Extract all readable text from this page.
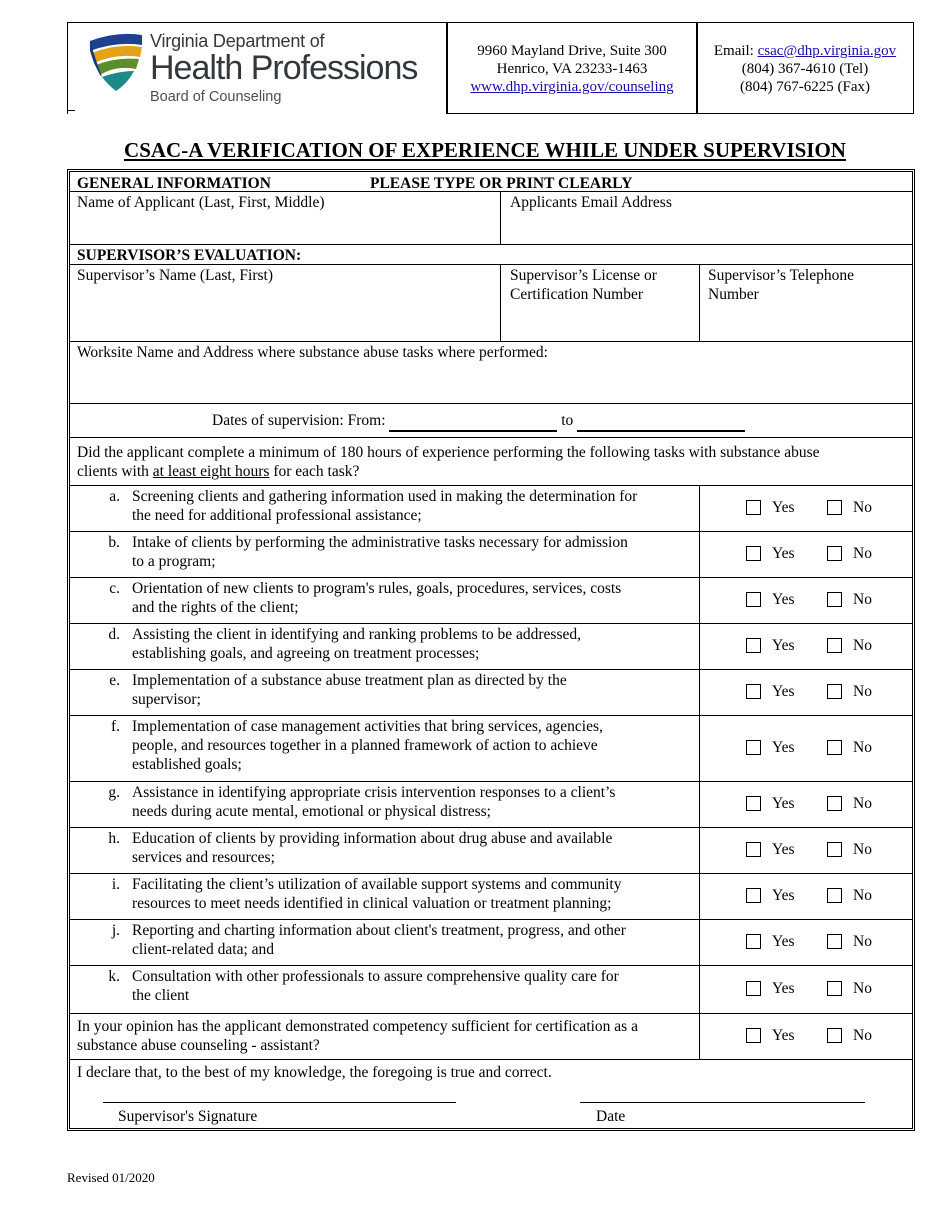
Virginia Department of
Health Professions
Board of Counseling
9960 Mayland Drive, Suite 300
Henrico, VA 23233-1463
www.dhp.virginia.gov/counseling
Email: csac@dhp.virginia.gov
(804) 367-4610 (Tel)
(804) 767-6225 (Fax)
CSAC-A VERIFICATION OF EXPERIENCE WHILE UNDER SUPERVISION
GENERAL INFORMATION	PLEASE TYPE OR PRINT CLEARLY
Name of Applicant (Last, First, Middle)	Applicants Email Address
SUPERVISOR’S EVALUATION:
Supervisor’s Name (Last, First)	Supervisor’s License or
Certification Number
Supervisor’s Telephone
Number
Worksite Name and Address where substance abuse tasks where performed:
Dates of supervision: From:	to
Did the applicant complete a minimum of 180 hours of experience performing the following tasks with substance abuse
clients with at least eight hours for each task?
a. Screening clients and gathering information used in making the determination for
the need for additional professional assistance;	Yes	No
b. Intake of clients by performing the administrative tasks necessary for admission
to a program;	Yes	No
c. Orientation of new clients to program's rules, goals, procedures, services, costs
and the rights of the client;	Yes	No
d. Assisting the client in identifying and ranking problems to be addressed,
establishing goals, and agreeing on treatment processes;	Yes	No
e. Implementation of a substance abuse treatment plan as directed by the
supervisor;	Yes	No
f. Implementation of case management activities that bring services, agencies,
people, and resources together in a planned framework of action to achieve
established goals;
Yes	No
g. Assistance in identifying appropriate crisis intervention responses to a client’s
needs during acute mental, emotional or physical distress;	Yes	No
h. Education of clients by providing information about drug abuse and available
services and resources;	Yes	No
i. Facilitating the client’s utilization of available support systems and community
resources to meet needs identified in clinical valuation or treatment planning;	Yes	No
j. Reporting and charting information about client's treatment, progress, and other
client-related data; and	Yes	No
k. Consultation with other professionals to assure comprehensive quality care for
the client	Yes	No
In your opinion has the applicant demonstrated competency sufficient for certification as a
substance abuse counseling - assistant?
Yes	No
I declare that, to the best of my knowledge, the foregoing is true and correct.
Supervisor's Signature	Date
Revised 01/2020
